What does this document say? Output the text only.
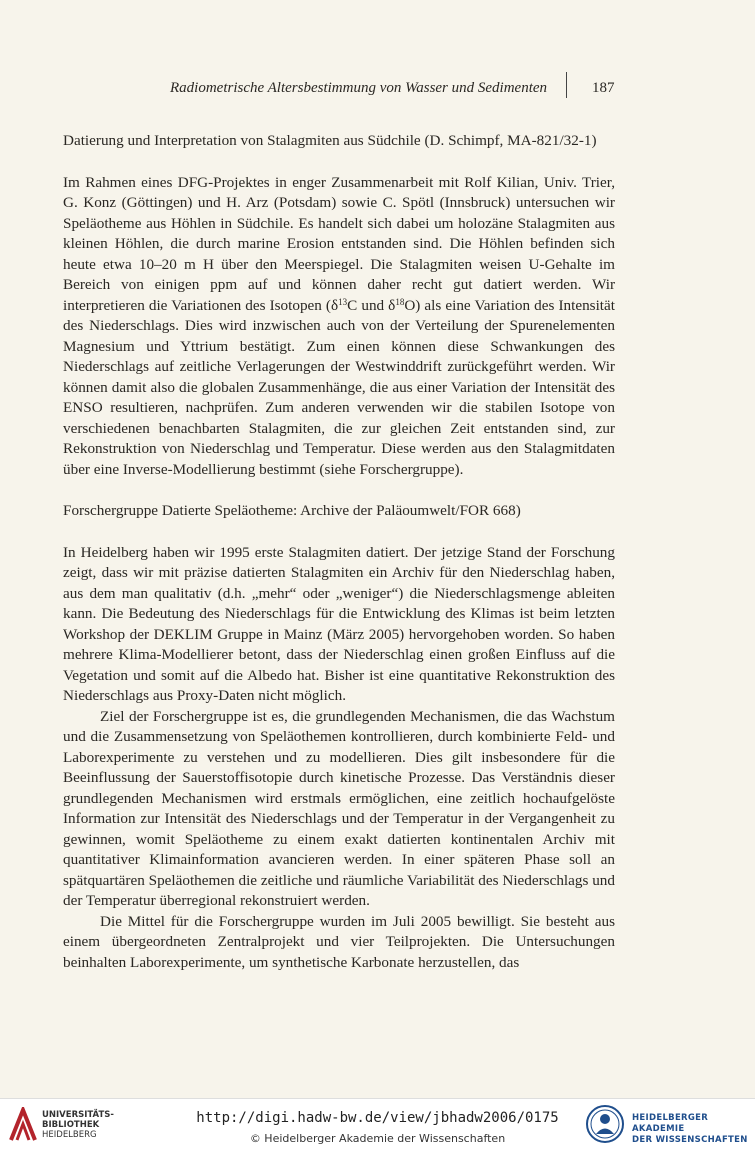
Radiometrische Altersbestimmung von Wasser und Sedimenten	187

Datierung und Interpretation von Stalagmiten aus Südchile (D. Schimpf, MA-821/32-1)

Im Rahmen eines DFG-Projektes in enger Zusammenarbeit mit Rolf Kilian, Univ. Trier, G. Konz (Göttingen) und H. Arz (Potsdam) sowie C. Spötl (Innsbruck) untersuchen wir Speläotheme aus Höhlen in Südchile. Es handelt sich dabei um holozäne Stalagmiten aus kleinen Höhlen, die durch marine Erosion entstanden sind. Die Höhlen befinden sich heute etwa 10–20 m H über den Meerspiegel. Die Stalagmiten weisen U-Gehalte im Bereich von einigen ppm auf und können daher recht gut datiert werden. Wir interpretieren die Variationen des Isotopen ($\delta^{13}C$ und $\delta^{18}O$) als eine Variation des Intensität des Niederschlags. Dies wird inzwischen auch von der Verteilung der Spurenelementen Magnesium und Yttrium bestätigt. Zum einen können diese Schwankungen des Niederschlags auf zeitliche Verlagerungen der Westwinddrift zurückgeführt werden. Wir können damit also die globalen Zusammenhänge, die aus einer Variation der Intensität des ENSO resultieren, nachprüfen. Zum anderen verwenden wir die stabilen Isotope von verschiedenen benachbarten Stalagmiten, die zur gleichen Zeit entstanden sind, zur Rekonstruktion von Niederschlag und Temperatur. Diese werden aus den Stalagmitdaten über eine Inverse-Modellierung bestimmt (siehe Forschergruppe).

Forschergruppe Datierte Speläotheme: Archive der Paläoumwelt/FOR 668)

In Heidelberg haben wir 1995 erste Stalagmiten datiert. Der jetzige Stand der Forschung zeigt, dass wir mit präzise datierten Stalagmiten ein Archiv für den Niederschlag haben, aus dem man qualitativ (d.h. „mehr“ oder „weniger“) die Niederschlagsmenge ableiten kann. Die Bedeutung des Niederschlags für die Entwicklung des Klimas ist beim letzten Workshop der DEKLIM Gruppe in Mainz (März 2005) hervorgehoben worden. So haben mehrere Klima-Modellierer betont, dass der Niederschlag einen großen Einfluss auf die Vegetation und somit auf die Albedo hat. Bisher ist eine quantitative Rekonstruktion des Niederschlags aus Proxy-Daten nicht möglich.

Ziel der Forschergruppe ist es, die grundlegenden Mechanismen, die das Wachstum und die Zusammensetzung von Speläothemen kontrollieren, durch kombinierte Feld- und Laborexperimente zu verstehen und zu modellieren. Dies gilt insbesondere für die Beeinflussung der Sauerstoffisotopie durch kinetische Prozesse. Das Verständnis dieser grundlegenden Mechanismen wird erstmals ermöglichen, eine zeitlich hochaufgelöste Information zur Intensität des Niederschlags und der Temperatur in der Vergangenheit zu gewinnen, womit Speläotheme zu einem exakt datierten kontinentalen Archiv mit quantitativer Klimainformation avancieren werden. In einer späteren Phase soll an spätquartären Speläothemen die zeitliche und räumliche Variabilität des Niederschlags und der Temperatur überregional rekonstruiert werden.

Die Mittel für die Forschergruppe wurden im Juli 2005 bewilligt. Sie besteht aus einem übergeordneten Zentralprojekt und vier Teilprojekten. Die Untersuchungen beinhalten Laborexperimente, um synthetische Karbonate herzustellen, das

UNIVERSITÄTS-
BIBLIOTHEK
HEIDELBERG
http://digi.hadw-bw.de/view/jbhadw2006/0175
© Heidelberger Akademie der Wissenschaften
HEIDELBERGER AKADEMIE
DER WISSENSCHAFTEN
